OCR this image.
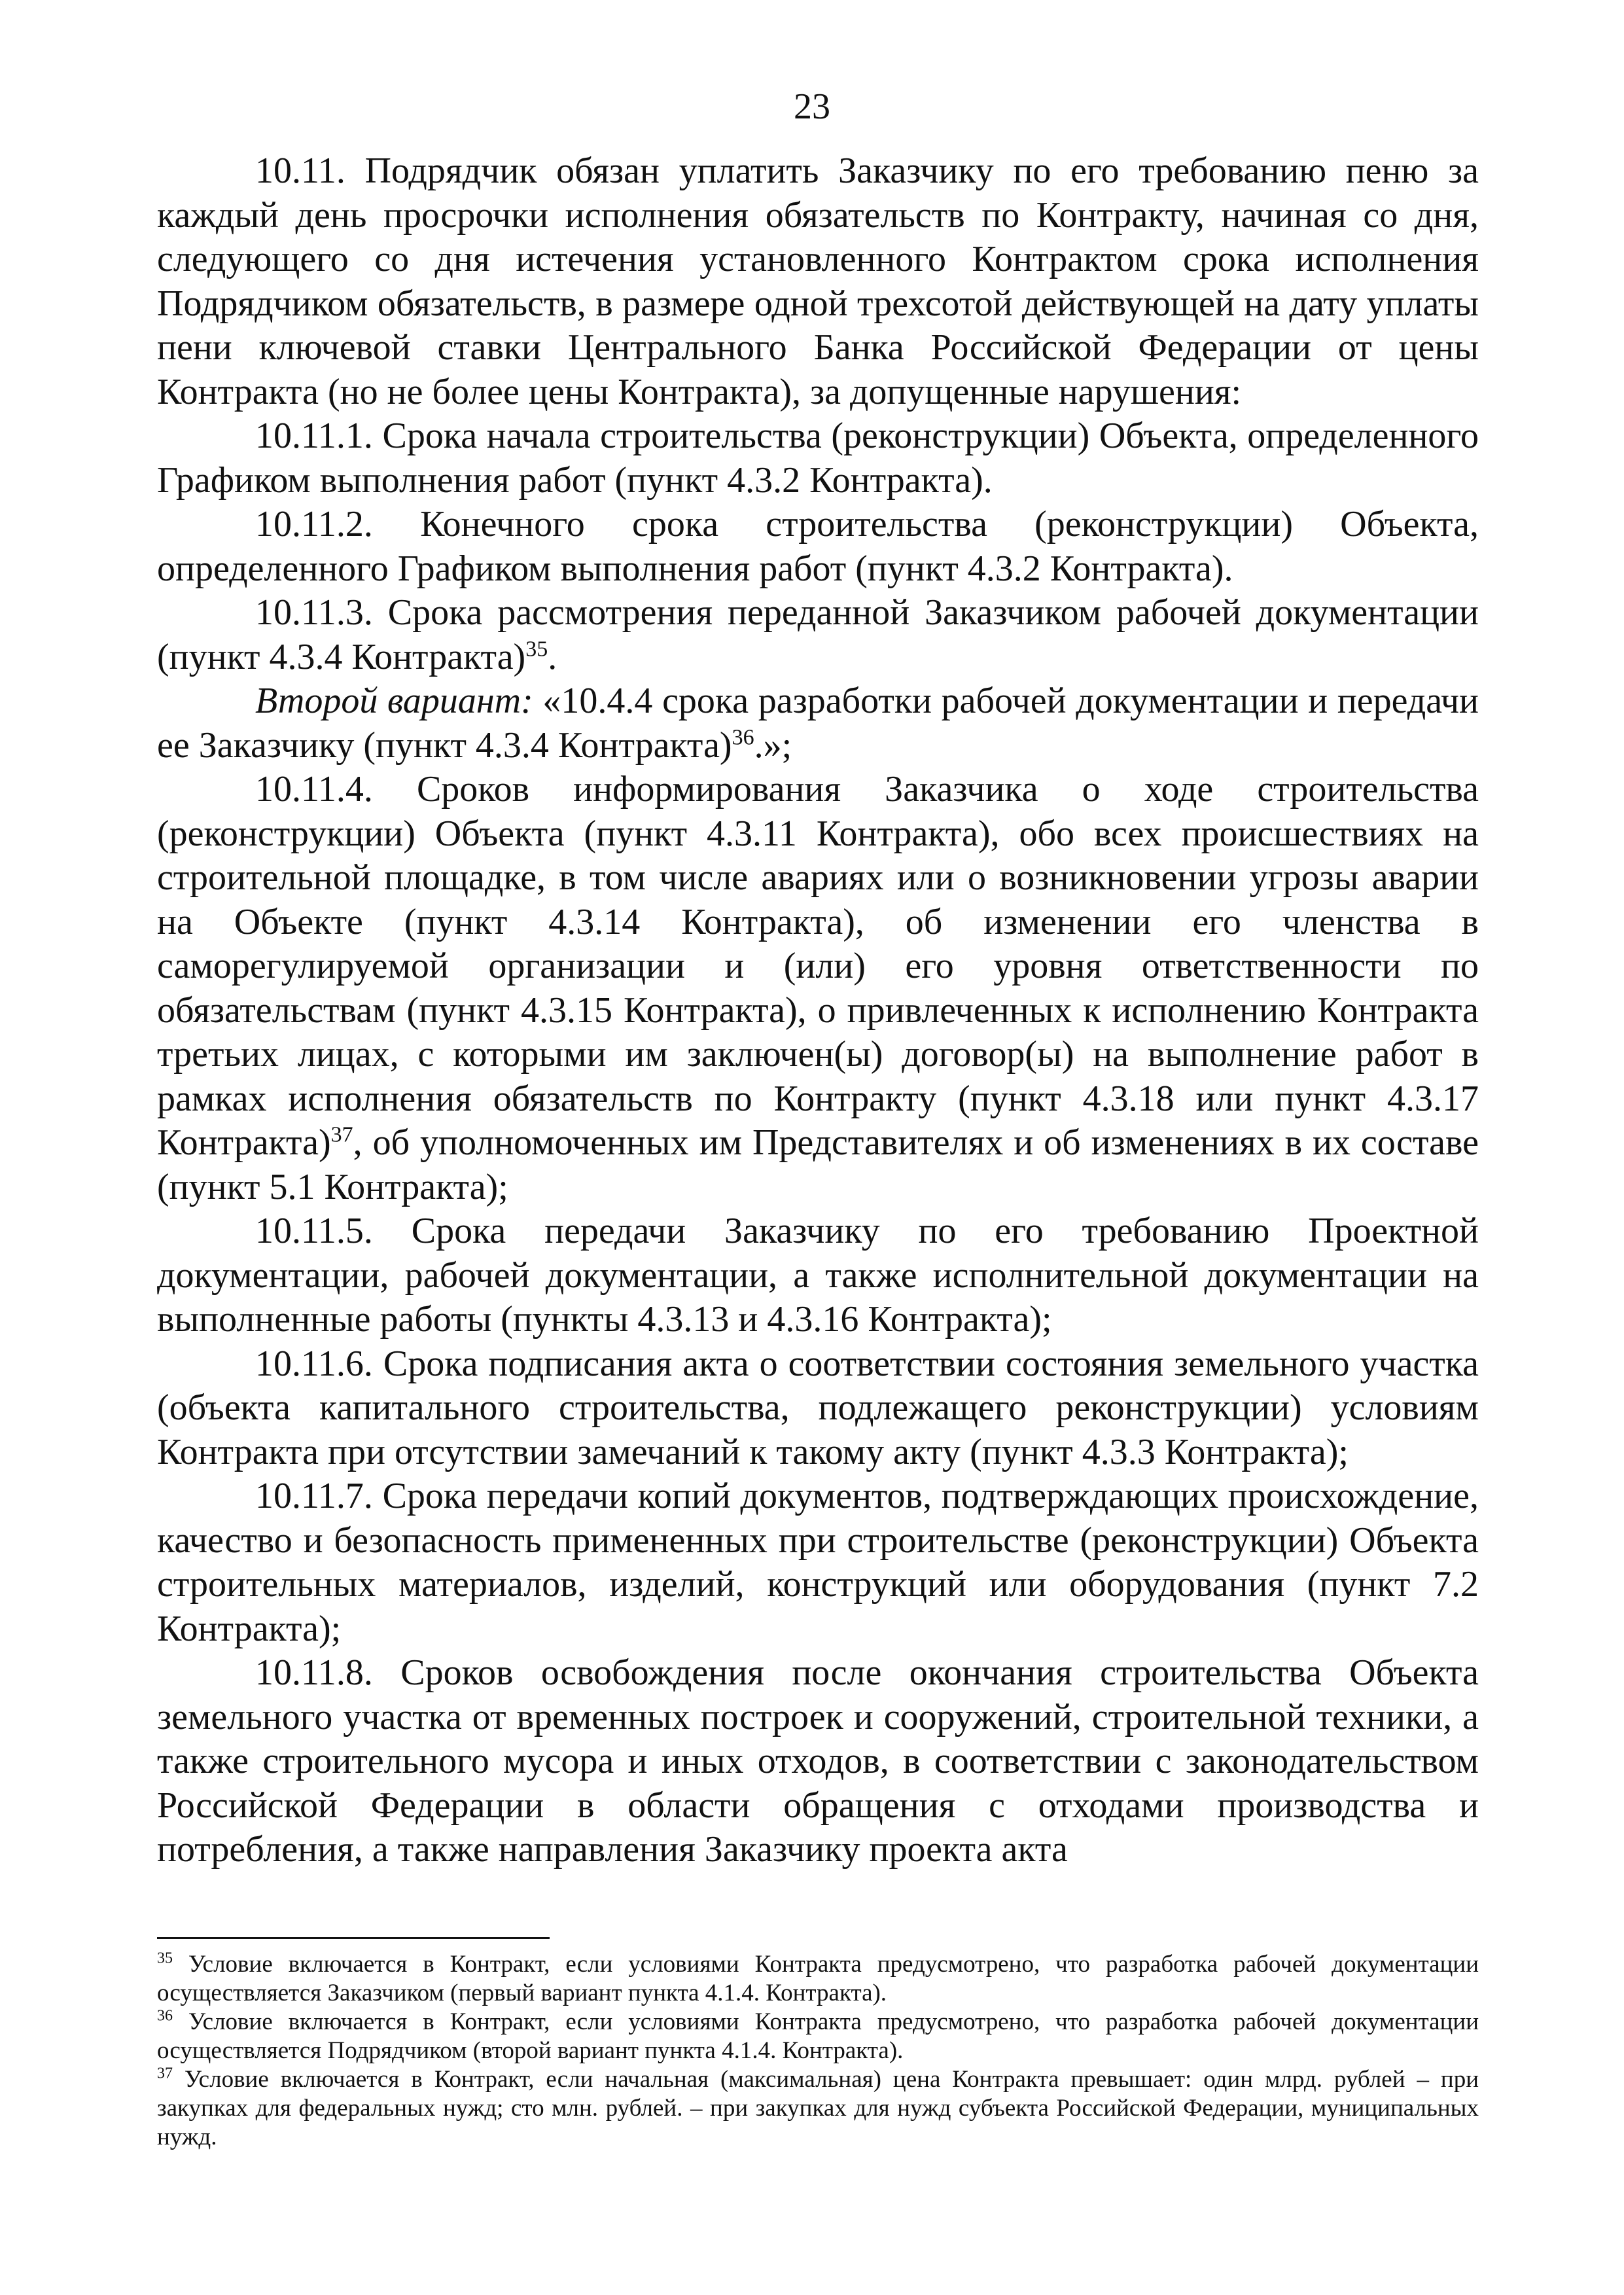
23

10.11. Подрядчик обязан уплатить Заказчику по его требованию пеню за каждый день просрочки исполнения обязательств по Контракту, начиная со дня, следующего со дня истечения установленного Контрактом срока исполнения Подрядчиком обязательств, в размере одной трехсотой действующей на дату уплаты пени ключевой ставки Центрального Банка Российской Федерации от цены Контракта (но не более цены Контракта), за допущенные нарушения:

10.11.1. Срока начала строительства (реконструкции) Объекта, определенного Графиком выполнения работ (пункт 4.3.2 Контракта).

10.11.2. Конечного срока строительства (реконструкции) Объекта, определенного Графиком выполнения работ (пункт 4.3.2 Контракта).

10.11.3. Срока рассмотрения переданной Заказчиком рабочей документации (пункт 4.3.4 Контракта)$^{35}$.

Второй вариант: «10.4.4 срока разработки рабочей документации и передачи ее Заказчику (пункт 4.3.4 Контракта)$^{36}$.»;

10.11.4. Сроков информирования Заказчика о ходе строительства (реконструкции) Объекта (пункт 4.3.11 Контракта), обо всех происшествиях на строительной площадке, в том числе авариях или о возникновении угрозы аварии на Объекте (пункт 4.3.14 Контракта), об изменении его членства в саморегулируемой организации и (или) его уровня ответственности по обязательствам (пункт 4.3.15 Контракта), о привлеченных к исполнению Контракта третьих лицах, с которыми им заключен(ы) договор(ы) на выполнение работ в рамках исполнения обязательств по Контракту (пункт 4.3.18 или пункт 4.3.17 Контракта)$^{37}$, об уполномоченных им Представителях и об изменениях в их составе (пункт 5.1 Контракта);

10.11.5. Срока передачи Заказчику по его требованию Проектной документации, рабочей документации, а также исполнительной документации на выполненные работы (пункты 4.3.13 и 4.3.16 Контракта);

10.11.6. Срока подписания акта о соответствии состояния земельного участка (объекта капитального строительства, подлежащего реконструкции) условиям Контракта при отсутствии замечаний к такому акту (пункт 4.3.3 Контракта);

10.11.7. Срока передачи копий документов, подтверждающих происхождение, качество и безопасность примененных при строительстве (реконструкции) Объекта строительных материалов, изделий, конструкций или оборудования (пункт 7.2 Контракта);

10.11.8. Сроков освобождения после окончания строительства Объекта земельного участка от временных построек и сооружений, строительной техники, а также строительного мусора и иных отходов, в соответствии с законодательством Российской Федерации в области обращения с отходами производства и потребления, а также направления Заказчику проекта акта

$^{35}$ Условие включается в Контракт, если условиями Контракта предусмотрено, что разработка рабочей документации осуществляется Заказчиком (первый вариант пункта 4.1.4. Контракта).

$^{36}$ Условие включается в Контракт, если условиями Контракта предусмотрено, что разработка рабочей документации осуществляется Подрядчиком (второй вариант пункта 4.1.4. Контракта).

$^{37}$ Условие включается в Контракт, если начальная (максимальная) цена Контракта превышает: один млрд. рублей – при закупках для федеральных нужд; сто млн. рублей. – при закупках для нужд субъекта Российской Федерации, муниципальных нужд.
